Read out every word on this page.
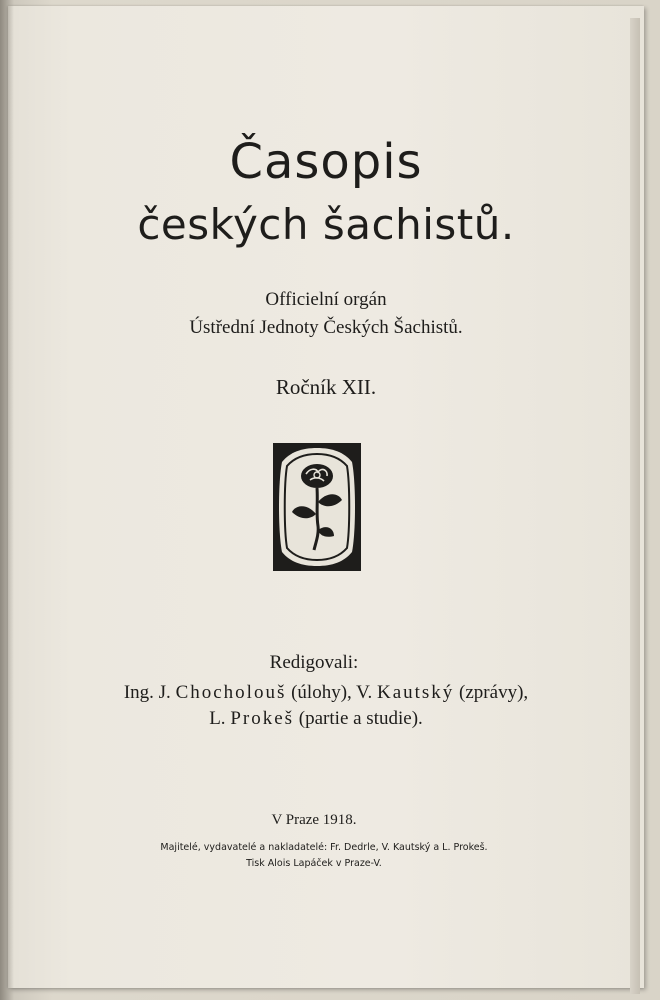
Časopis
českých šachistů.
Officielní orgán
Ústřední Jednoty Českých Šachistů.
Ročník XII.
Redigovali:
Ing. J. Chocholouš (úlohy), V. Kautský (zprávy),
L. Prokeš (partie a studie).
V Praze 1918.
Majitelé, vydavatelé a nakladatelé: Fr. Dedrle, V. Kautský a L. Prokeš.
Tisk Alois Lapáček v Praze-V.
